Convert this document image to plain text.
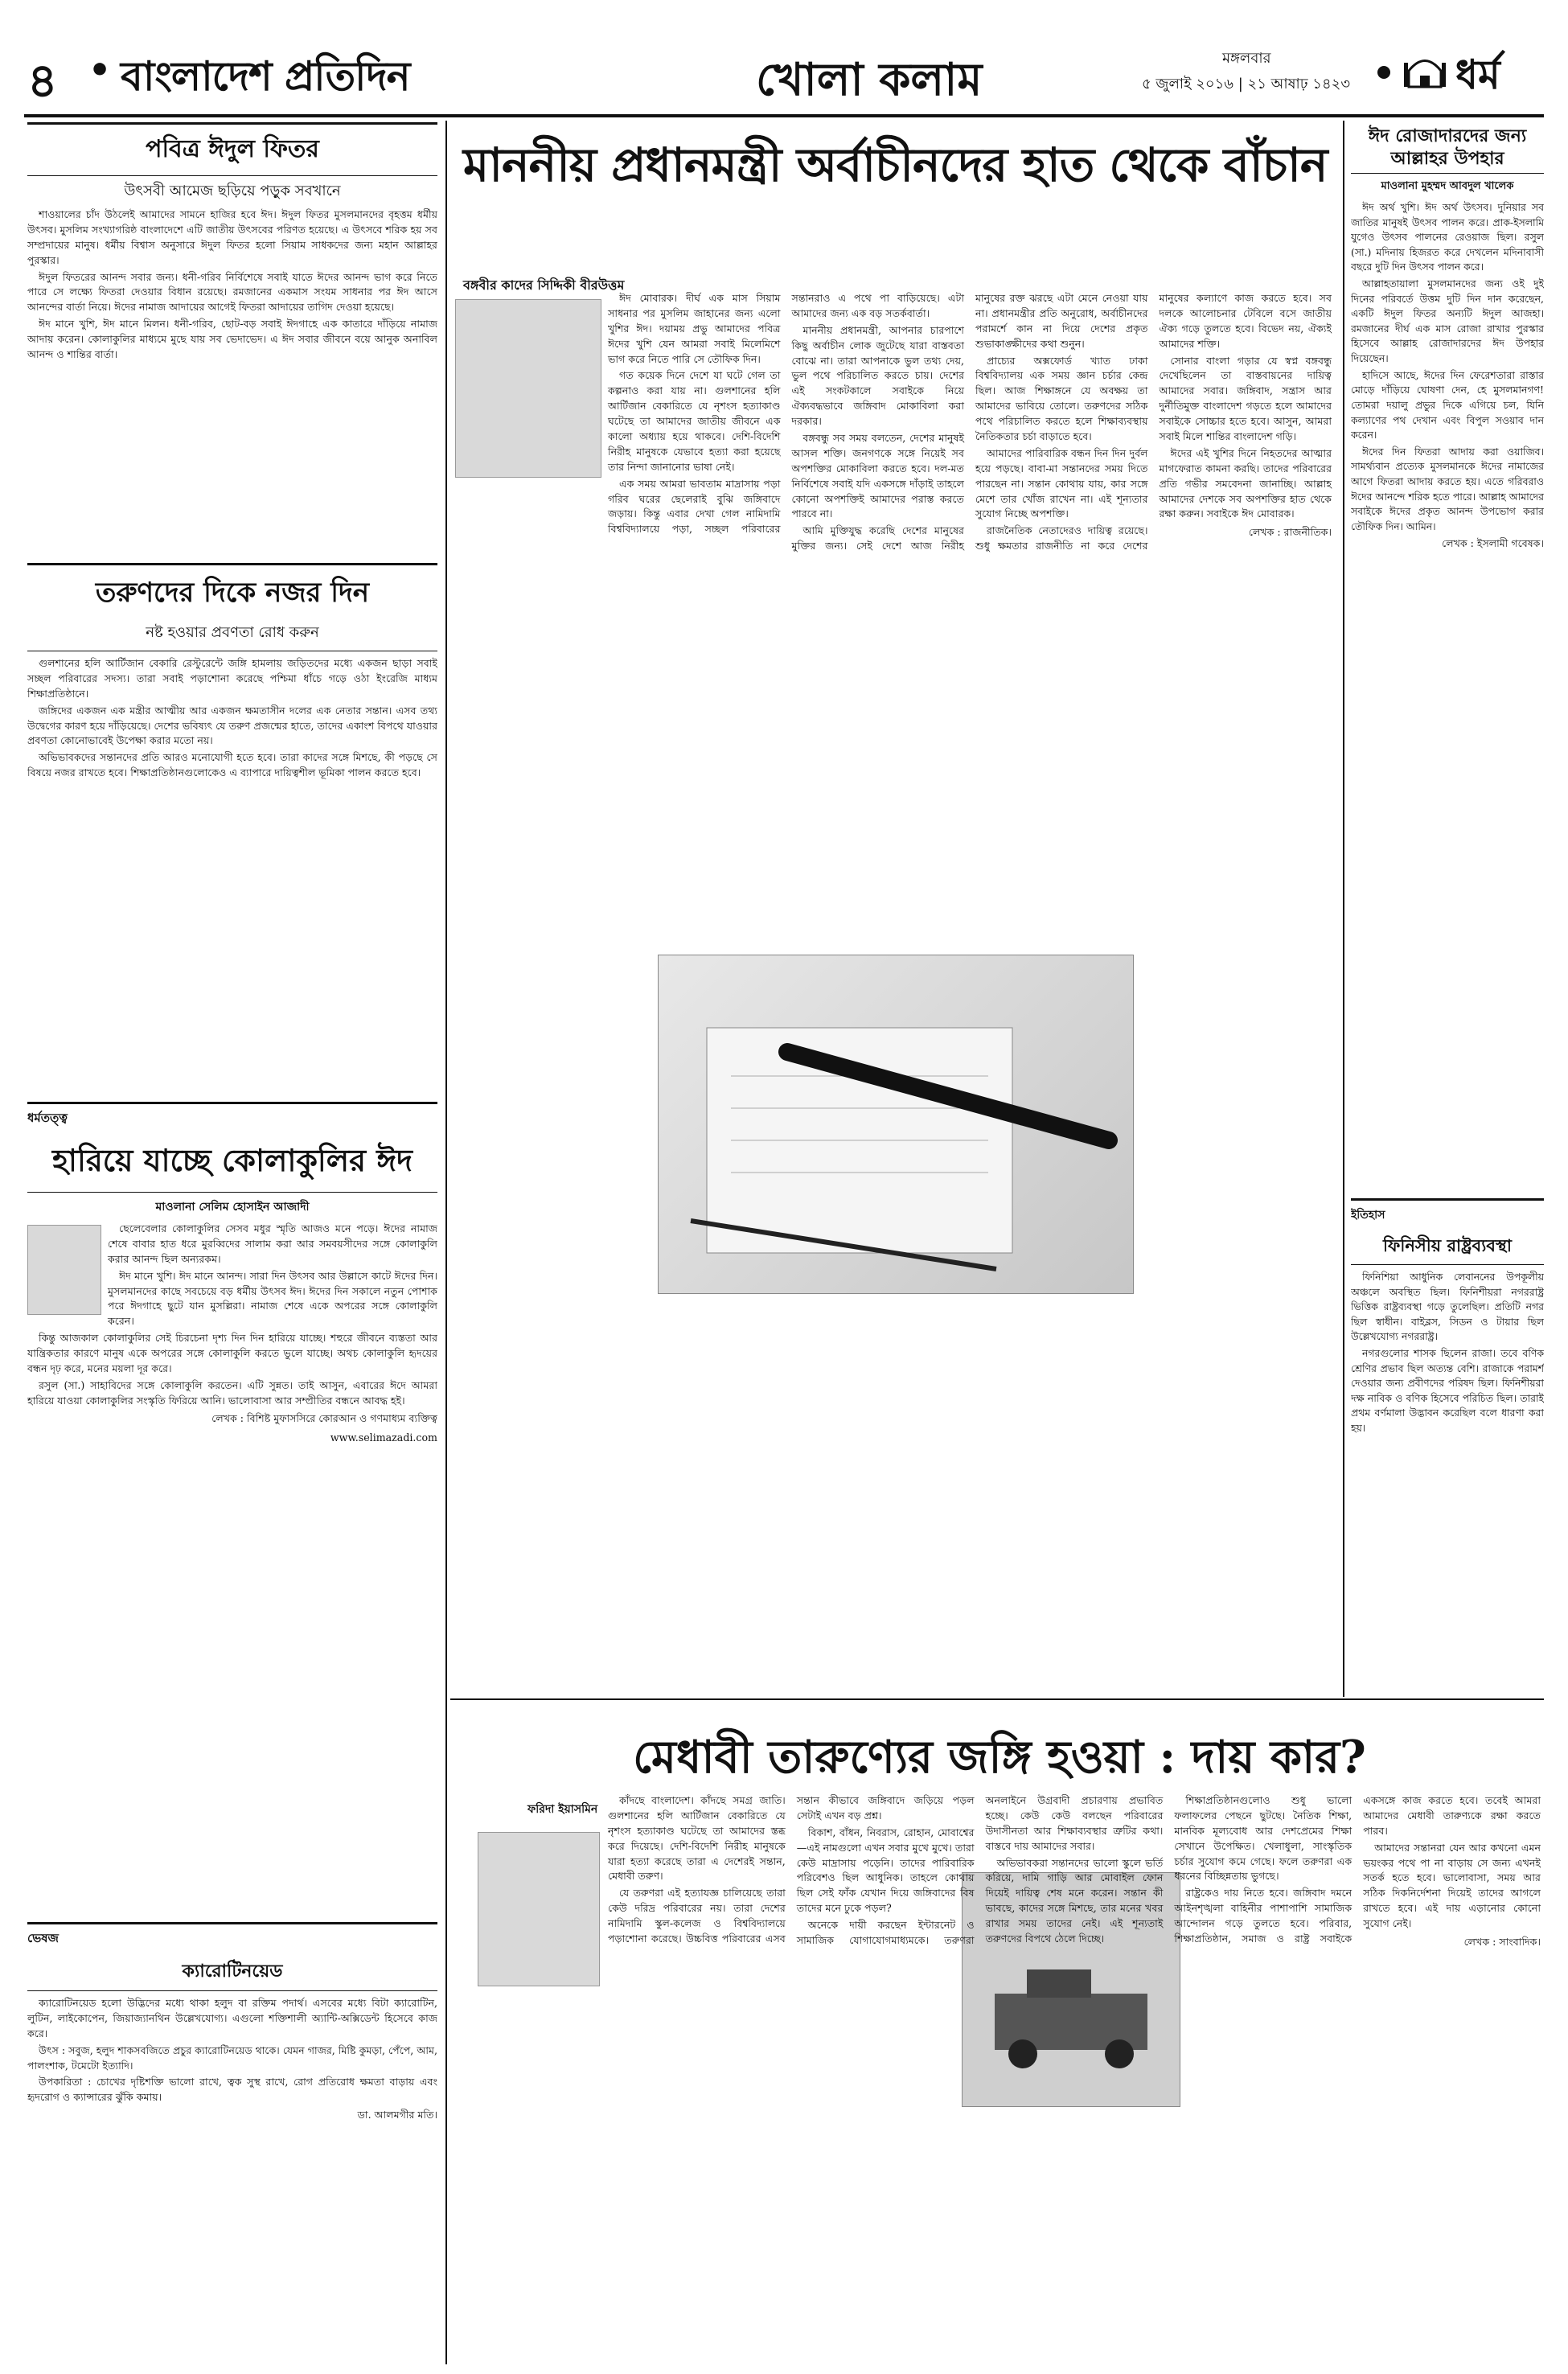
৪ • বাংলাদেশ প্রতিদিন	খোলা কলাম	মঙ্গলবার
৫ জুলাই ২০১৬ | ২১ আষাঢ় ১৪২৩	ধর্ম
পবিত্র ঈদুল ফিতর
উৎসবী আমেজ ছড়িয়ে পড়ুক সবখানে

শাওয়ালের চাঁদ উঠলেই আমাদের সামনে হাজির হবে ঈদ। ঈদুল ফিতর মুসলমানদের বৃহত্তম ধর্মীয় উৎসব। মুসলিম সংখ্যাগরিষ্ঠ বাংলাদেশে এটি জাতীয় উৎসবের পরিণত হয়েছে। এ উৎসবে শরিক হয় সব সম্প্রদায়ের মানুষ। ধর্মীয় বিশ্বাস অনুসারে ঈদুল ফিতর হলো সিয়াম সাধকদের জন্য মহান আল্লাহর পুরস্কার।

ঈদুল ফিতরের আনন্দ সবার জন্য। ধনী-গরিব নির্বিশেষে সবাই যাতে ঈদের আনন্দ ভাগ করে নিতে পারে সে লক্ষ্যে ফিতরা দেওয়ার বিধান রয়েছে। রমজানের একমাস সংযম সাধনার পর ঈদ আসে আনন্দের বার্তা নিয়ে। ঈদের নামাজ আদায়ের আগেই ফিতরা আদায়ের তাগিদ দেওয়া হয়েছে।

ঈদ মানে খুশি, ঈদ মানে মিলন। ধনী-গরিব, ছোট-বড় সবাই ঈদগাহে এক কাতারে দাঁড়িয়ে নামাজ আদায় করেন। কোলাকুলির মাধ্যমে মুছে যায় সব ভেদাভেদ। এ ঈদ সবার জীবনে বয়ে আনুক অনাবিল আনন্দ ও শান্তির বার্তা।

তরুণদের দিকে নজর দিন
নষ্ট হওয়ার প্রবণতা রোধ করুন

গুলশানের হলি আর্টিজান বেকারি রেস্টুরেন্টে জঙ্গি হামলায় জড়িতদের মধ্যে একজন ছাড়া সবাই সচ্ছল পরিবারের সদস্য। তারা সবাই পড়াশোনা করেছে পশ্চিমা ধাঁচে গড়ে ওঠা ইংরেজি মাধ্যম শিক্ষাপ্রতিষ্ঠানে।

জঙ্গিদের একজন এক মন্ত্রীর আত্মীয় আর একজন ক্ষমতাসীন দলের এক নেতার সন্তান। এসব তথ্য উদ্বেগের কারণ হয়ে দাঁড়িয়েছে। দেশের ভবিষ্যৎ যে তরুণ প্রজন্মের হাতে, তাদের একাংশ বিপথে যাওয়ার প্রবণতা কোনোভাবেই উপেক্ষা করার মতো নয়।

অভিভাবকদের সন্তানদের প্রতি আরও মনোযোগী হতে হবে। তারা কাদের সঙ্গে মিশছে, কী পড়ছে সে বিষয়ে নজর রাখতে হবে। শিক্ষাপ্রতিষ্ঠানগুলোকেও এ ব্যাপারে দায়িত্বশীল ভূমিকা পালন করতে হবে।

ধর্মতত্ত্ব
হারিয়ে যাচ্ছে কোলাকুলির ঈদ
মাওলানা সেলিম হোসাইন আজাদী

ছেলেবেলার কোলাকুলির সেসব মধুর স্মৃতি আজও মনে পড়ে। ঈদের নামাজ শেষে বাবার হাত ধরে মুরব্বিদের সালাম করা আর সমবয়সীদের সঙ্গে কোলাকুলি করার আনন্দ ছিল অন্যরকম।

ঈদ মানে খুশি। ঈদ মানে আনন্দ। সারা দিন উৎসব আর উল্লাসে কাটে ঈদের দিন। মুসলমানদের কাছে সবচেয়ে বড় ধর্মীয় উৎসব ঈদ। ঈদের দিন সকালে নতুন পোশাক পরে ঈদগাহে ছুটে যান মুসল্লিরা। নামাজ শেষে একে অপরের সঙ্গে কোলাকুলি করেন।

কিন্তু আজকাল কোলাকুলির সেই চিরচেনা দৃশ্য দিন দিন হারিয়ে যাচ্ছে। শহুরে জীবনে ব্যস্ততা আর যান্ত্রিকতার কারণে মানুষ একে অপরের সঙ্গে কোলাকুলি করতে ভুলে যাচ্ছে। অথচ কোলাকুলি হৃদয়ের বন্ধন দৃঢ় করে, মনের ময়লা দূর করে।

রসুল (সা.) সাহাবিদের সঙ্গে কোলাকুলি করতেন। এটি সুন্নত। তাই আসুন, এবারের ঈদে আমরা হারিয়ে যাওয়া কোলাকুলির সংস্কৃতি ফিরিয়ে আনি। ভালোবাসা আর সম্প্রীতির বন্ধনে আবদ্ধ হই।

লেখক : বিশিষ্ট মুফাসসিরে কোরআন ও গণমাধ্যম ব্যক্তিত্ব
www.selimazadi.com
ভেষজ
ক্যারোটিনয়েড

ক্যারোটিনয়েড হলো উদ্ভিদের মধ্যে থাকা হলুদ বা রক্তিম পদার্থ। এসবের মধ্যে বিটা ক্যারোটিন, লুটিন, লাইকোপেন, জিয়াজ্যানথিন উল্লেখযোগ্য। এগুলো শক্তিশালী অ্যান্টি-অক্সিডেন্ট হিসেবে কাজ করে।

উৎস : সবুজ, হলুদ শাকসবজিতে প্রচুর ক্যারোটিনয়েড থাকে। যেমন গাজর, মিষ্টি কুমড়া, পেঁপে, আম, পালংশাক, টমেটো ইত্যাদি।

উপকারিতা : চোখের দৃষ্টিশক্তি ভালো রাখে, ত্বক সুস্থ রাখে, রোগ প্রতিরোধ ক্ষমতা বাড়ায় এবং হৃদরোগ ও ক্যান্সারের ঝুঁকি কমায়।

ডা. আলমগীর মতি।
মাননীয় প্রধানমন্ত্রী অর্বাচীনদের হাত থেকে বাঁচান
বঙ্গবীর কাদের সিদ্দিকী বীরউত্তম

ঈদ মোবারক। দীর্ঘ এক মাস সিয়াম সাধনার পর মুসলিম জাহানের জন্য এলো খুশির ঈদ। দয়াময় প্রভু আমাদের পবিত্র ঈদের খুশি যেন আমরা সবাই মিলেমিশে ভাগ করে নিতে পারি সে তৌফিক দিন।

গত কয়েক দিনে দেশে যা ঘটে গেল তা কল্পনাও করা যায় না। গুলশানের হলি আর্টিজান বেকারিতে যে নৃশংস হত্যাকাণ্ড ঘটেছে তা আমাদের জাতীয় জীবনে এক কালো অধ্যায় হয়ে থাকবে। দেশি-বিদেশি নিরীহ মানুষকে যেভাবে হত্যা করা হয়েছে তার নিন্দা জানানোর ভাষা নেই।

এক সময় আমরা ভাবতাম মাদ্রাসায় পড়া গরিব ঘরের ছেলেরাই বুঝি জঙ্গিবাদে জড়ায়। কিন্তু এবার দেখা গেল নামিদামি বিশ্ববিদ্যালয়ে পড়া, সচ্ছল পরিবারের সন্তানরাও এ পথে পা বাড়িয়েছে। এটা আমাদের জন্য এক বড় সতর্কবার্তা।

মাননীয় প্রধানমন্ত্রী, আপনার চারপাশে কিছু অর্বাচীন লোক জুটেছে যারা বাস্তবতা বোঝে না। তারা আপনাকে ভুল তথ্য দেয়, ভুল পথে পরিচালিত করতে চায়। দেশের এই সংকটকালে সবাইকে নিয়ে ঐক্যবদ্ধভাবে জঙ্গিবাদ মোকাবিলা করা দরকার।

বঙ্গবন্ধু সব সময় বলতেন, দেশের মানুষই আসল শক্তি। জনগণকে সঙ্গে নিয়েই সব অপশক্তির মোকাবিলা করতে হবে। দল-মত নির্বিশেষে সবাই যদি একসঙ্গে দাঁড়াই তাহলে কোনো অপশক্তিই আমাদের পরাস্ত করতে পারবে না।

আমি মুক্তিযুদ্ধ করেছি দেশের মানুষের মুক্তির জন্য। সেই দেশে আজ নিরীহ মানুষের রক্ত ঝরছে এটা মেনে নেওয়া যায় না। প্রধানমন্ত্রীর প্রতি অনুরোধ, অর্বাচীনদের পরামর্শে কান না দিয়ে দেশের প্রকৃত শুভাকাঙ্ক্ষীদের কথা শুনুন।

প্রাচ্যের অক্সফোর্ড খ্যাত ঢাকা বিশ্ববিদ্যালয় এক সময় জ্ঞান চর্চার কেন্দ্র ছিল। আজ শিক্ষাঙ্গনে যে অবক্ষয় তা আমাদের ভাবিয়ে তোলে। তরুণদের সঠিক পথে পরিচালিত করতে হলে শিক্ষাব্যবস্থায় নৈতিকতার চর্চা বাড়াতে হবে।

আমাদের পারিবারিক বন্ধন দিন দিন দুর্বল হয়ে পড়ছে। বাবা-মা সন্তানদের সময় দিতে পারছেন না। সন্তান কোথায় যায়, কার সঙ্গে মেশে তার খোঁজ রাখেন না। এই শূন্যতার সুযোগ নিচ্ছে অপশক্তি।

রাজনৈতিক নেতাদেরও দায়িত্ব রয়েছে। শুধু ক্ষমতার রাজনীতি না করে দেশের মানুষের কল্যাণে কাজ করতে হবে। সব দলকে আলোচনার টেবিলে বসে জাতীয় ঐক্য গড়ে তুলতে হবে। বিভেদ নয়, ঐক্যই আমাদের শক্তি।

সোনার বাংলা গড়ার যে স্বপ্ন বঙ্গবন্ধু দেখেছিলেন তা বাস্তবায়নের দায়িত্ব আমাদের সবার। জঙ্গিবাদ, সন্ত্রাস আর দুর্নীতিমুক্ত বাংলাদেশ গড়তে হলে আমাদের সবাইকে সোচ্চার হতে হবে। আসুন, আমরা সবাই মিলে শান্তির বাংলাদেশ গড়ি।

ঈদের এই খুশির দিনে নিহতদের আত্মার মাগফেরাত কামনা করছি। তাদের পরিবারের প্রতি গভীর সমবেদনা জানাচ্ছি। আল্লাহ আমাদের দেশকে সব অপশক্তির হাত থেকে রক্ষা করুন। সবাইকে ঈদ মোবারক।

লেখক : রাজনীতিক।
ঈদ রোজাদারদের জন্য আল্লাহর উপহার
মাওলানা মুহম্মদ আবদুল খালেক

ঈদ অর্থ খুশি। ঈদ অর্থ উৎসব। দুনিয়ার সব জাতির মানুষই উৎসব পালন করে। প্রাক-ইসলামি যুগেও উৎসব পালনের রেওয়াজ ছিল। রসুল (সা.) মদিনায় হিজরত করে দেখলেন মদিনাবাসী বছরে দুটি দিন উৎসব পালন করে।

আল্লাহতায়ালা মুসলমানদের জন্য ওই দুই দিনের পরিবর্তে উত্তম দুটি দিন দান করেছেন, একটি ঈদুল ফিতর অন্যটি ঈদুল আজহা। রমজানের দীর্ঘ এক মাস রোজা রাখার পুরস্কার হিসেবে আল্লাহ রোজাদারদের ঈদ উপহার দিয়েছেন।

হাদিসে আছে, ঈদের দিন ফেরেশতারা রাস্তার মোড়ে দাঁড়িয়ে ঘোষণা দেন, হে মুসলমানগণ! তোমরা দয়ালু প্রভুর দিকে এগিয়ে চল, যিনি কল্যাণের পথ দেখান এবং বিপুল সওয়াব দান করেন।

ঈদের দিন ফিতরা আদায় করা ওয়াজিব। সামর্থ্যবান প্রত্যেক মুসলমানকে ঈদের নামাজের আগে ফিতরা আদায় করতে হয়। এতে গরিবরাও ঈদের আনন্দে শরিক হতে পারে। আল্লাহ আমাদের সবাইকে ঈদের প্রকৃত আনন্দ উপভোগ করার তৌফিক দিন। আমিন।

লেখক : ইসলামী গবেষক।
ইতিহাস
ফিনিসীয় রাষ্ট্রব্যবস্থা

ফিনিশিয়া আধুনিক লেবাননের উপকূলীয় অঞ্চলে অবস্থিত ছিল। ফিনিশীয়রা নগররাষ্ট্র ভিত্তিক রাষ্ট্রব্যবস্থা গড়ে তুলেছিল। প্রতিটি নগর ছিল স্বাধীন। বাইব্লস, সিডন ও টায়ার ছিল উল্লেখযোগ্য নগররাষ্ট্র।

নগরগুলোর শাসক ছিলেন রাজা। তবে বণিক শ্রেণির প্রভাব ছিল অত্যন্ত বেশি। রাজাকে পরামর্শ দেওয়ার জন্য প্রবীণদের পরিষদ ছিল। ফিনিশীয়রা দক্ষ নাবিক ও বণিক হিসেবে পরিচিত ছিল। তারাই প্রথম বর্ণমালা উদ্ভাবন করেছিল বলে ধারণা করা হয়।

মেধাবী তারুণ্যের জঙ্গি হওয়া : দায় কার?
ফরিদা ইয়াসমিন

কাঁদছে বাংলাদেশ। কাঁদছে সমগ্র জাতি। গুলশানের হলি আর্টিজান বেকারিতে যে নৃশংস হত্যাকাণ্ড ঘটেছে তা আমাদের স্তব্ধ করে দিয়েছে। দেশি-বিদেশি নিরীহ মানুষকে যারা হত্যা করেছে তারা এ দেশেরই সন্তান, মেধাবী তরুণ।

যে তরুণরা এই হত্যাযজ্ঞ চালিয়েছে তারা কেউ দরিদ্র পরিবারের নয়। তারা দেশের নামিদামি স্কুল-কলেজ ও বিশ্ববিদ্যালয়ে পড়াশোনা করেছে। উচ্চবিত্ত পরিবারের এসব সন্তান কীভাবে জঙ্গিবাদে জড়িয়ে পড়ল সেটাই এখন বড় প্রশ্ন।

বিকাশ, বাঁধন, নিবরাস, রোহান, মোবাশ্বের—এই নামগুলো এখন সবার মুখে মুখে। তারা কেউ মাদ্রাসায় পড়েনি। তাদের পারিবারিক পরিবেশও ছিল আধুনিক। তাহলে কোথায় ছিল সেই ফাঁক যেখান দিয়ে জঙ্গিবাদের বিষ তাদের মনে ঢুকে পড়ল?

অনেকে দায়ী করছেন ইন্টারনেট ও সামাজিক যোগাযোগমাধ্যমকে। তরুণরা অনলাইনে উগ্রবাদী প্রচারণায় প্রভাবিত হচ্ছে। কেউ কেউ বলছেন পরিবারের উদাসীনতা আর শিক্ষাব্যবস্থার ত্রুটির কথা। বাস্তবে দায় আমাদের সবার।

অভিভাবকরা সন্তানদের ভালো স্কুলে ভর্তি করিয়ে, দামি গাড়ি আর মোবাইল ফোন দিয়েই দায়িত্ব শেষ মনে করেন। সন্তান কী ভাবছে, কাদের সঙ্গে মিশছে, তার মনের খবর রাখার সময় তাদের নেই। এই শূন্যতাই তরুণদের বিপথে ঠেলে দিচ্ছে।

শিক্ষাপ্রতিষ্ঠানগুলোও শুধু ভালো ফলাফলের পেছনে ছুটছে। নৈতিক শিক্ষা, মানবিক মূল্যবোধ আর দেশপ্রেমের শিক্ষা সেখানে উপেক্ষিত। খেলাধুলা, সাংস্কৃতিক চর্চার সুযোগ কমে গেছে। ফলে তরুণরা এক ধরনের বিচ্ছিন্নতায় ভুগছে।

রাষ্ট্রকেও দায় নিতে হবে। জঙ্গিবাদ দমনে আইনশৃঙ্খলা বাহিনীর পাশাপাশি সামাজিক আন্দোলন গড়ে তুলতে হবে। পরিবার, শিক্ষাপ্রতিষ্ঠান, সমাজ ও রাষ্ট্র সবাইকে একসঙ্গে কাজ করতে হবে। তবেই আমরা আমাদের মেধাবী তারুণ্যকে রক্ষা করতে পারব।

আমাদের সন্তানরা যেন আর কখনো এমন ভয়ংকর পথে পা না বাড়ায় সে জন্য এখনই সতর্ক হতে হবে। ভালোবাসা, সময় আর সঠিক দিকনির্দেশনা দিয়েই তাদের আগলে রাখতে হবে। এই দায় এড়ানোর কোনো সুযোগ নেই।

লেখক : সাংবাদিক।
